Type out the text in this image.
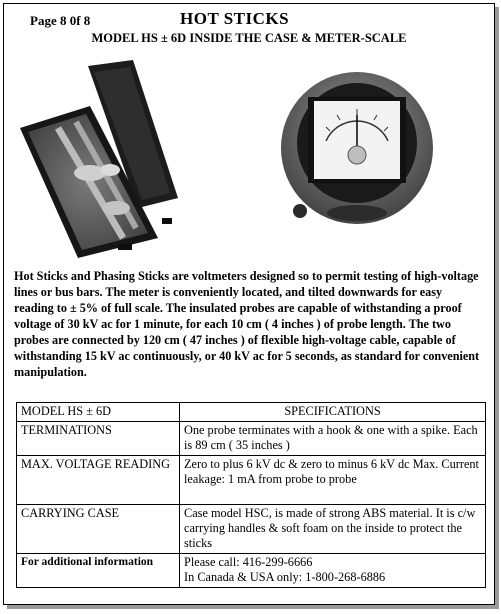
Page 8 0f 8	HOT STICKS
MODEL HS ± 6D INSIDE THE CASE & METER-SCALE
Hot Sticks and Phasing Sticks are voltmeters designed so to permit testing of high-voltage lines or bus bars. The meter is conveniently located, and tilted downwards for easy reading to ± 5% of full scale. The insulated probes are capable of withstanding a proof voltage of 30 kV ac for 1 minute, for each 10 cm ( 4 inches ) of probe length. The two probes are connected by 120 cm ( 47 inches ) of flexible high-voltage cable, capable of withstanding 15 kV ac continuously, or 40 kV ac for 5 seconds, as standard for convenient manipulation.
MODEL HS ± 6D	SPECIFICATIONS
TERMINATIONS	One probe terminates with a hook & one with a spike. Each is 89 cm ( 35 inches )
MAX. VOLTAGE READING	Zero to plus 6 kV dc & zero to minus 6 kV dc Max. Current leakage: 1 mA from probe to probe
CARRYING CASE	Case model HSC, is made of strong ABS material. It is c/w carrying handles & soft foam on the inside to protect the sticks
For additional information	Please call: 416-299-6666
In Canada & USA only: 1-800-268-6886
